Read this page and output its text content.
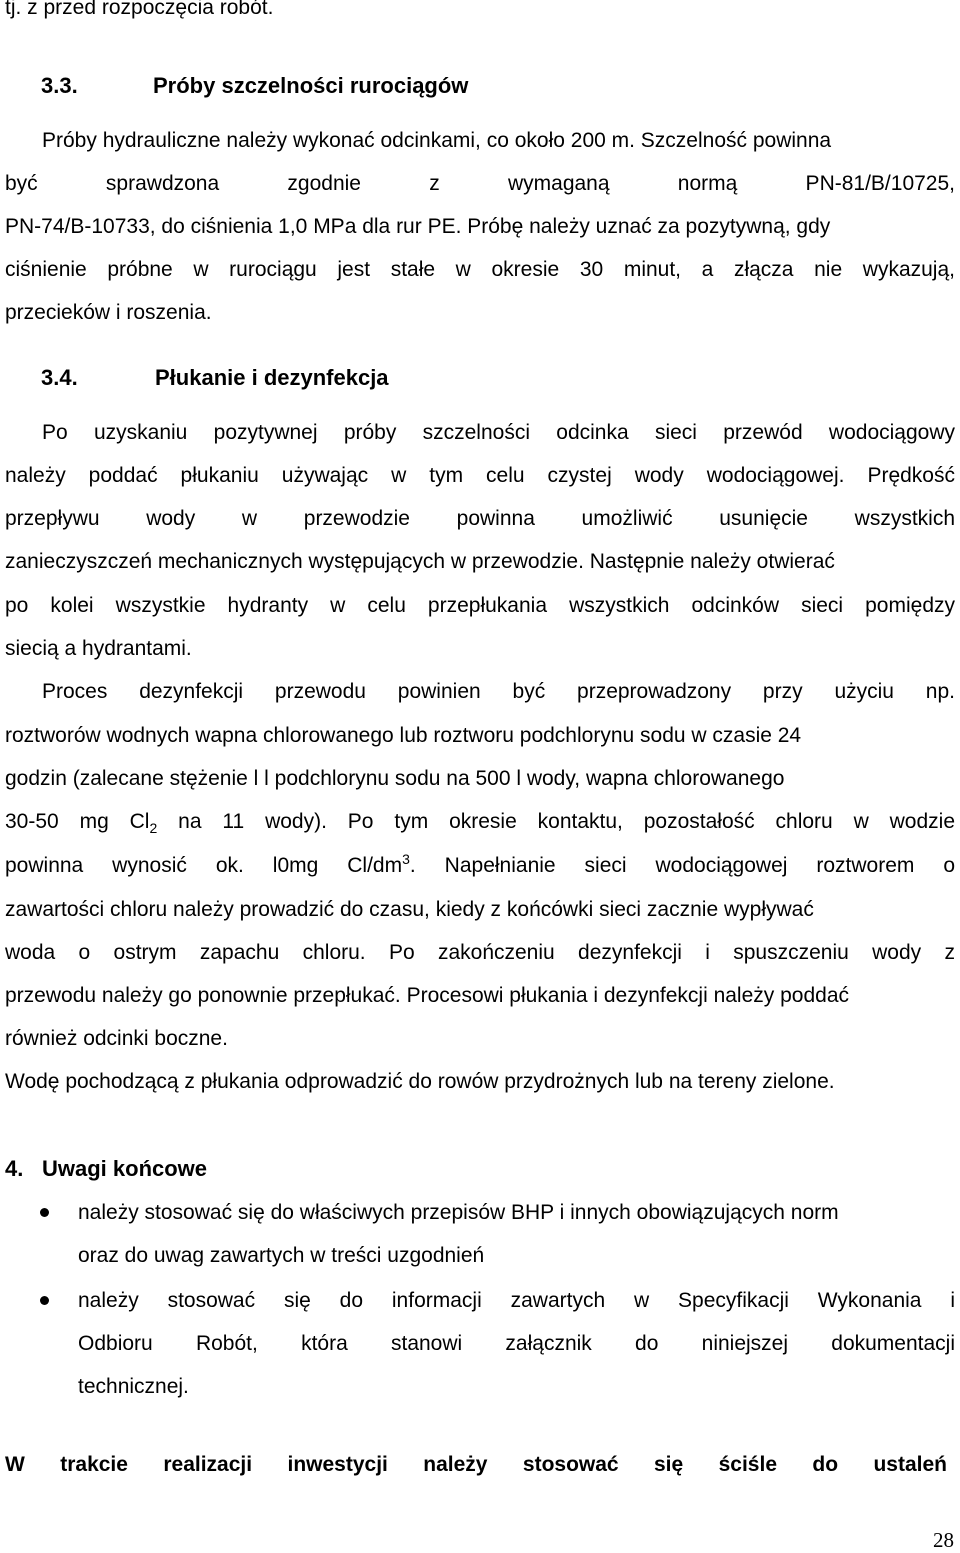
tj. z przed rozpoczęcia robót.
3.3.	Próby szczelności rurociągów
Próby hydrauliczne należy wykonać odcinkami, co około 200 m. Szczelność powinna
być sprawdzona zgodnie z wymaganą normą PN-81/B/10725,
PN-74/B-10733, do ciśnienia 1,0 MPa dla rur PE. Próbę należy uznać za pozytywną, gdy
ciśnienie próbne w rurociągu jest stałe w okresie 30 minut, a złącza nie wykazują,
przecieków i roszenia.
3.4.	Płukanie i dezynfekcja
Po uzyskaniu pozytywnej próby szczelności odcinka sieci przewód wodociągowy
należy poddać płukaniu używając w tym celu czystej wody wodociągowej. Prędkość
przepływu wody w przewodzie powinna umożliwić usunięcie wszystkich
zanieczyszczeń mechanicznych występujących w przewodzie. Następnie należy otwierać
po kolei wszystkie hydranty w celu przepłukania wszystkich odcinków sieci pomiędzy
siecią a hydrantami.
Proces dezynfekcji przewodu powinien być przeprowadzony przy użyciu np.
roztworów wodnych wapna chlorowanego lub roztworu podchlorynu sodu w czasie 24
godzin (zalecane stężenie l l podchlorynu sodu na 500 l wody, wapna chlorowanego
30-50 mg $Cl_2$ na 11 wody). Po tym okresie kontaktu, pozostałość chloru w wodzie
powinna wynosić ok. l0mg $Cl/dm^3$. Napełnianie sieci wodociągowej roztworem o
zawartości chloru należy prowadzić do czasu, kiedy z końcówki sieci zacznie wypływać
woda o ostrym zapachu chloru. Po zakończeniu dezynfekcji i spuszczeniu wody z
przewodu należy go ponownie przepłukać. Procesowi płukania i dezynfekcji należy poddać
również odcinki boczne.
Wodę pochodzącą z płukania odprowadzić do rowów przydrożnych lub na tereny zielone.
4. Uwagi końcowe
należy stosować się do właściwych przepisów BHP i innych obowiązujących norm
oraz do uwag zawartych w treści uzgodnień
należy stosować się do informacji zawartych w Specyfikacji Wykonania i
Odbioru Robót, która stanowi załącznik do niniejszej dokumentacji
technicznej.
W trakcie realizacji inwestycji należy stosować się ściśle do ustaleń
28
